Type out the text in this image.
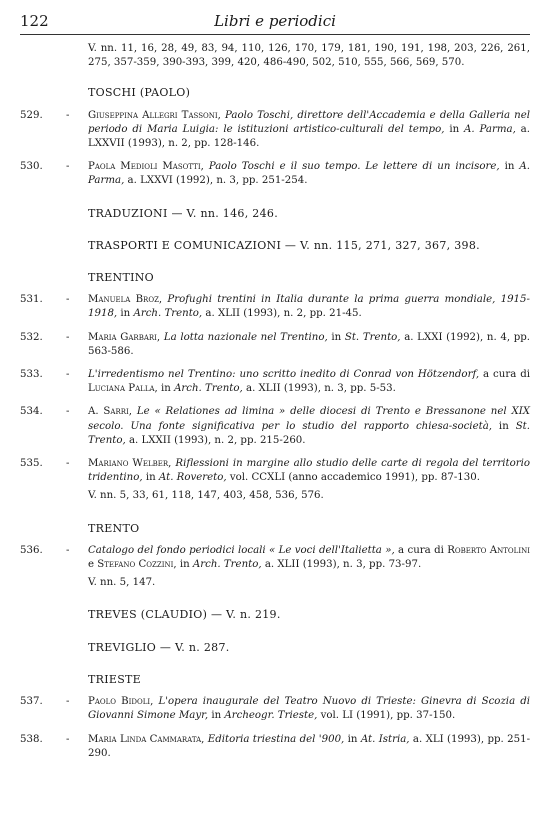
122	Libri e periodici
V. nn. 11, 16, 28, 49, 83, 94, 110, 126, 170, 179, 181, 190, 191, 198, 203, 226, 261, 275, 357-359, 390-393, 399, 420, 486-490, 502, 510, 555, 566, 569, 570.
TOSCHI (PAOLO)
529.	- Giuseppina Allegri Tassoni, Paolo Toschi, direttore dell'Accademia e della Galleria nel periodo di Maria Luigia: le istituzioni artistico-culturali del tempo, in A. Parma, a. LXXVII (1993), n. 2, pp. 128-146.
530.	- Paola Medioli Masotti, Paolo Toschi e il suo tempo. Le lettere di un incisore, in A. Parma, a. LXXVI (1992), n. 3, pp. 251-254.
TRADUZIONI — V. nn. 146, 246.
TRASPORTI E COMUNICAZIONI — V. nn. 115, 271, 327, 367, 398.
TRENTINO
531.	- Manuela Broz, Profughi trentini in Italia durante la prima guerra mondiale, 1915-1918, in Arch. Trento, a. XLII (1993), n. 2, pp. 21-45.
532.	- Maria Garbari, La lotta nazionale nel Trentino, in St. Trento, a. LXXI (1992), n. 4, pp. 563-586.
533.	- L'irredentismo nel Trentino: uno scritto inedito di Conrad von Hötzendorf, a cura di Luciana Palla, in Arch. Trento, a. XLII (1993), n. 3, pp. 5-53.
534.	- A. Sarri, Le « Relationes ad limina » delle diocesi di Trento e Bressanone nel XIX secolo. Una fonte significativa per lo studio del rapporto chiesa-società, in St. Trento, a. LXXII (1993), n. 2, pp. 215-260.
535.	- Mariano Welber, Riflessioni in margine allo studio delle carte di regola del territorio tridentino, in At. Rovereto, vol. CCXLI (anno accademico 1991), pp. 87-130.
V. nn. 5, 33, 61, 118, 147, 403, 458, 536, 576.
TRENTO
536.	- Catalogo del fondo periodici locali « Le voci dell'Italietta », a cura di Roberto Antolini e Stefano Cozzini, in Arch. Trento, a. XLII (1993), n. 3, pp. 73-97.
V. nn. 5, 147.
TREVES (CLAUDIO) — V. n. 219.
TREVIGLIO — V. n. 287.
TRIESTE
537.	- Paolo Bidoli, L'opera inaugurale del Teatro Nuovo di Trieste: Ginevra di Scozia di Giovanni Simone Mayr, in Archeogr. Trieste, vol. LI (1991), pp. 37-150.
538.	- Maria Linda Cammarata, Editoria triestina del '900, in At. Istria, a. XLI (1993), pp. 251-290.
